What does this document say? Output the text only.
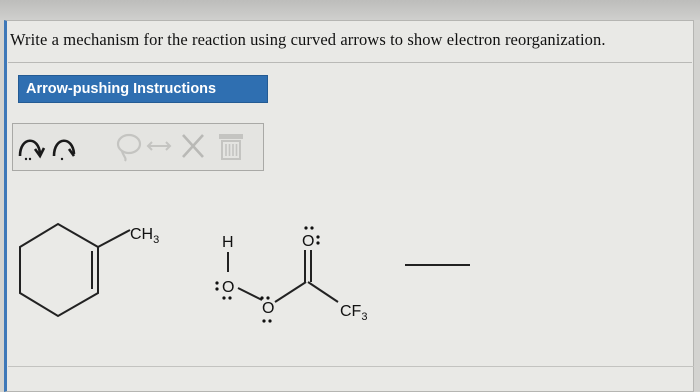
Write a mechanism for the reaction using curved arrows to show electron reorganization.
Arrow-pushing Instructions
$CH_3$	H
O
O
O
$CF_3$
